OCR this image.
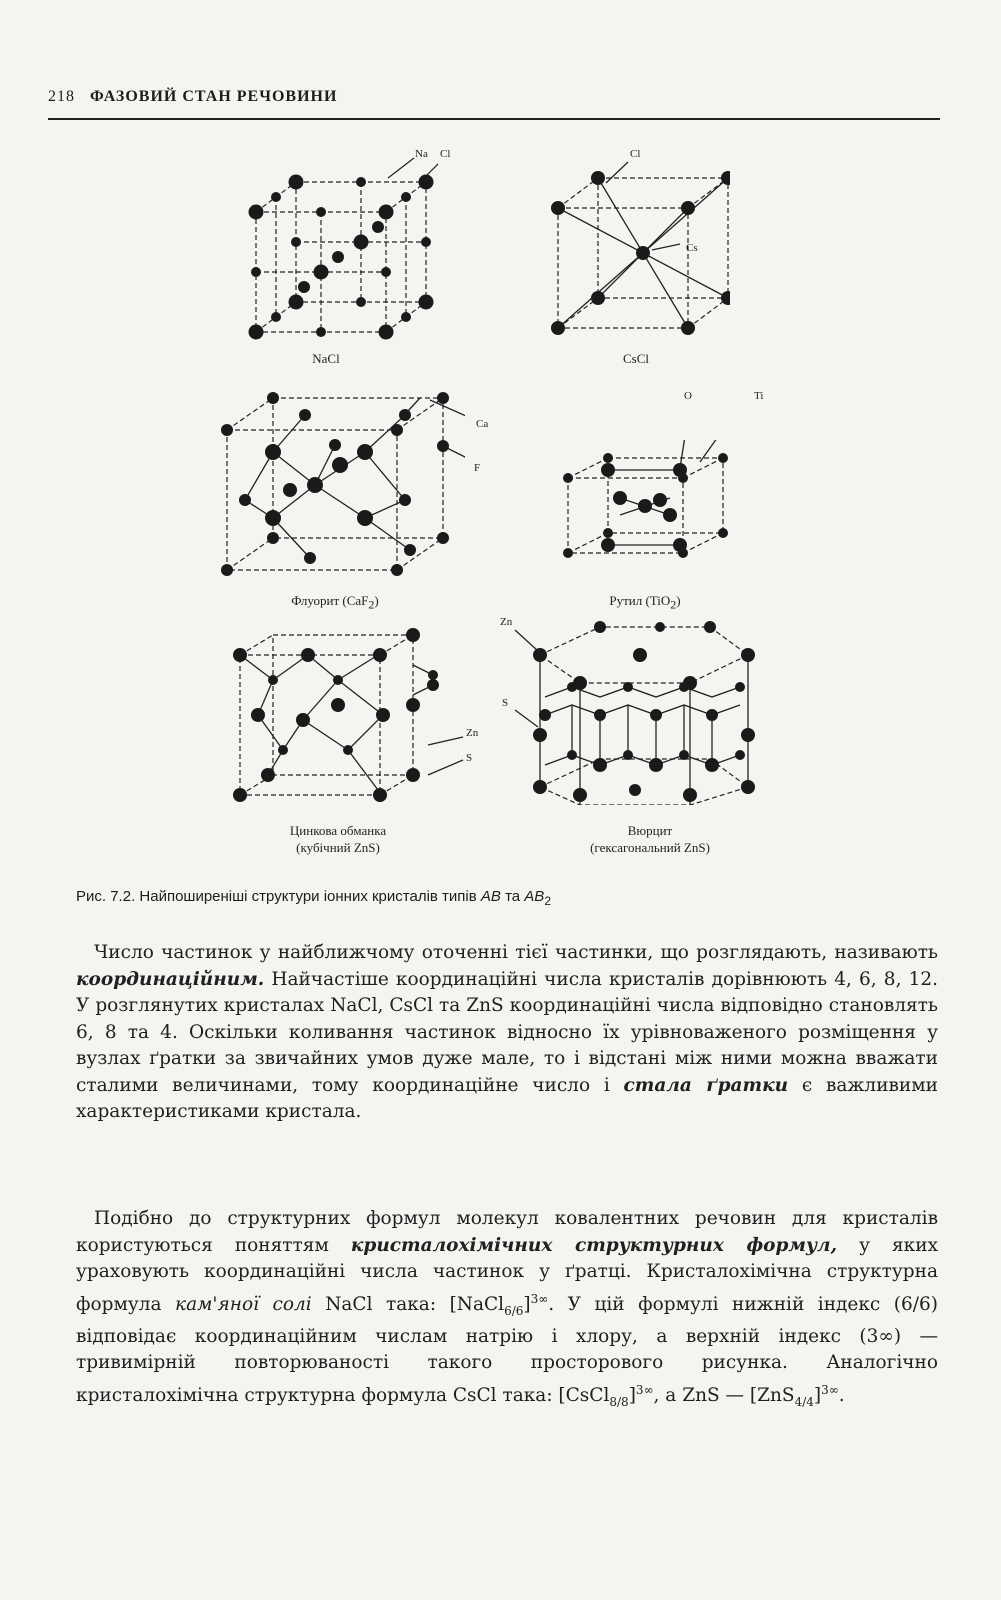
218 ФАЗОВИЙ СТАН РЕЧОВИНИ
Na Cl
NaCl
Cl
Cs
CsCl
Ca
F
Флуорит (CaF$_2$)
O	Ti
Рутил (TiO$_2$)
Zn
S
Цинкова обманка
(кубічний ZnS)
Zn
S
Вюрцит
(гексагональний ZnS)
Рис. 7.2. Найпоширеніші структури іонних кристалів типів AB та $AB_2$
Число частинок у найближчому оточенні тієї частинки, що розглядають, називають координаційним. Найчастіше координаційні числа кристалів дорівнюють 4, 6, 8, 12. У розглянутих кристалах NaCl, CsCl та ZnS координаційні числа відповідно становлять 6, 8 та 4. Оскільки коливання частинок відносно їх урівноваженого розміщення у вузлах ґратки за звичайних умов дуже мале, то і відстані між ними можна вважати сталими величинами, тому координаційне число і стала ґратки є важливими характеристиками кристала.
Подібно до структурних формул молекул ковалентних речовин для кристалів користуються поняттям кристалохімічних структурних формул, у яких ураховують координаційні числа частинок у ґратці. Кристалохімічна структурна формула кам'яної солі NaCl така: [NaCl$_{6/6}$]$^{3\infty}$. У цій формулі нижній індекс (6/6) відповідає координаційним числам натрію і хлору, а верхній індекс (3∞) — тривимірній повторюваності такого просторового рисунка. Аналогічно кристалохімічна структурна формула CsCl така: [CsCl$_{8/8}$]$^{3\infty}$, а ZnS — $[ZnS_{4/4}]^{3\infty}$.
